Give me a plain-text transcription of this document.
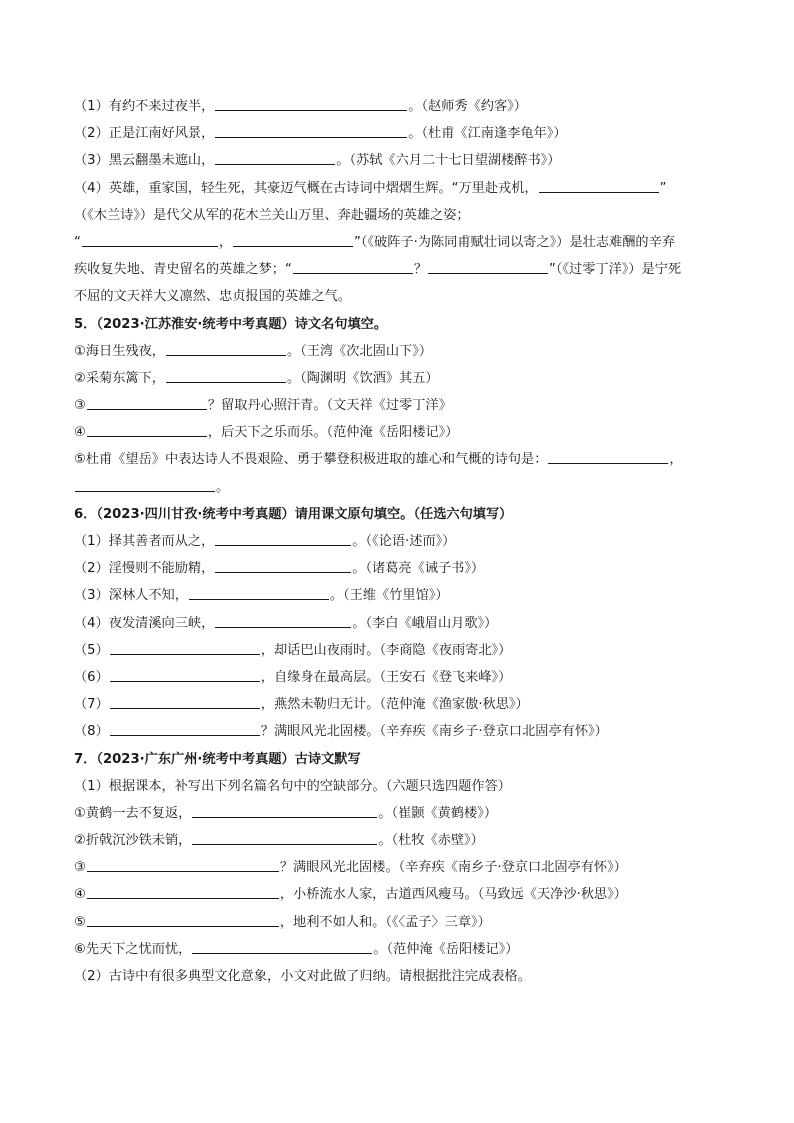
（1）有约不来过夜半，	。（赵师秀《约客》）
（2）正是江南好风景，	。（杜甫《江南逢李龟年》）
（3）黑云翻墨未遮山，	。（苏轼《六月二十七日望湖楼醉书》）
（4）英雄，重家国，轻生死，其豪迈气概在古诗词中熠熠生辉。“万里赴戎机，	”
（《木兰诗》）是代父从军的花木兰关山万里、奔赴疆场的英雄之姿；
“	，	”（《破阵子·为陈同甫赋壮词以寄之》）是壮志难酬的辛弃
疾收复失地、青史留名的英雄之梦；“	？	”（《过零丁洋》）是宁死
不屈的文天祥大义凛然、忠贞报国的英雄之气。
5．（2023·江苏淮安·统考中考真题）诗文名句填空。
①海日生残夜，	。（王湾《次北固山下》）
②采菊东篱下，	。（陶渊明《饮酒》其五）
③	？留取丹心照汗青。（文天祥《过零丁洋》
④	，后天下之乐而乐。（范仲淹《岳阳楼记》）
⑤杜甫《望岳》中表达诗人不畏艰险、勇于攀登积极进取的雄心和气概的诗句是：	，
。
6．（2023·四川甘孜·统考中考真题）请用课文原句填空。（任选六句填写）
（1）择其善者而从之，	。（《论语·述而》）
（2）淫慢则不能励精，	。（诸葛亮《诫子书》）
（3）深林人不知，	。（王维《竹里馆》）
（4）夜发清溪向三峡，	。（李白《峨眉山月歌》）
（5）	，却话巴山夜雨时。（李商隐《夜雨寄北》）
（6）	，自缘身在最高层。（王安石《登飞来峰》）
（7）	，燕然未勒归无计。（范仲淹《渔家傲·秋思》）
（8）	？满眼风光北固楼。（辛弃疾《南乡子·登京口北固亭有怀》）
7．（2023·广东广州·统考中考真题）古诗文默写
（1）根据课本，补写出下列名篇名句中的空缺部分。（六题只选四题作答）
①黄鹤一去不复返，	。（崔颢《黄鹤楼》）
②折戟沉沙铁未销，	。（杜牧《赤壁》）
③	？满眼风光北固楼。（辛弃疾《南乡子·登京口北固亭有怀》）
④	，小桥流水人家，古道西风瘦马。（马致远《天净沙·秋思》）
⑤	，地利不如人和。（《〈孟子〉三章》）
⑥先天下之忧而忧，	。（范仲淹《岳阳楼记》）
（2）古诗中有很多典型文化意象，小文对此做了归纳。请根据批注完成表格。
